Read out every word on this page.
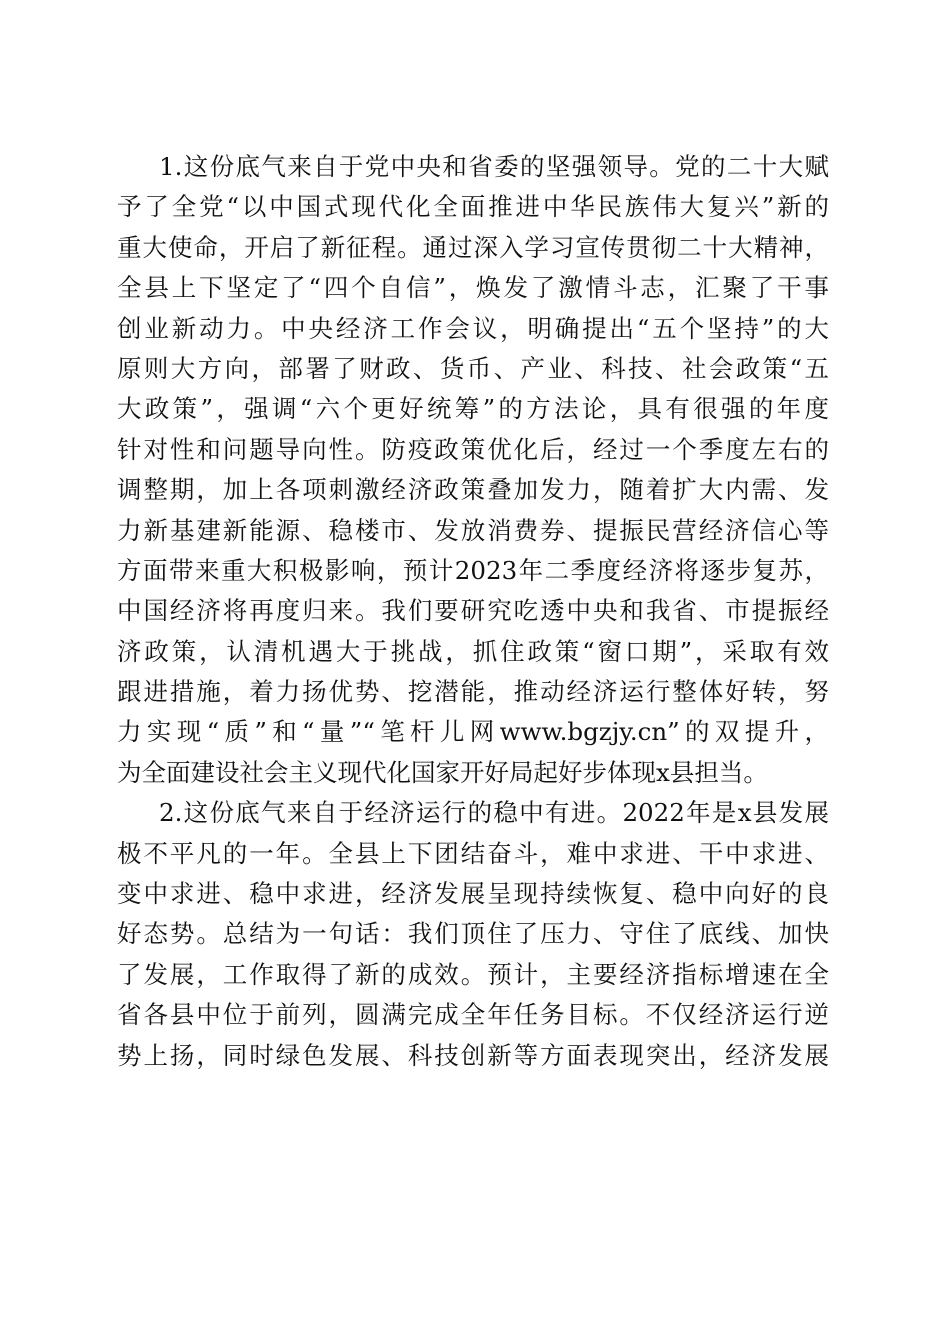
1.这份底气来自于党中央和省委的坚强领导。党的二十大赋
予了全党“以中国式现代化全面推进中华民族伟大复兴”新的
重大使命，开启了新征程。通过深入学习宣传贯彻二十大精神，
全县上下坚定了“四个自信”，焕发了激情斗志，汇聚了干事
创业新动力。中央经济工作会议，明确提出“五个坚持”的大
原则大方向，部署了财政、货币、产业、科技、社会政策“五
大政策”，强调“六个更好统筹”的方法论，具有很强的年度
针对性和问题导向性。防疫政策优化后，经过一个季度左右的
调整期，加上各项刺激经济政策叠加发力，随着扩大内需、发
力新基建新能源、稳楼市、发放消费券、提振民营经济信心等
方面带来重大积极影响，预计2023年二季度经济将逐步复苏，
中国经济将再度归来。我们要研究吃透中央和我省、市提振经
济政策，认清机遇大于挑战，抓住政策“窗口期”，采取有效
跟进措施，着力扬优势、挖潜能，推动经济运行整体好转，努
力实现“质”和“量”“笔杆儿网www.bgzjy.cn”的双提升，
为全面建设社会主义现代化国家开好局起好步体现x县担当。
2.这份底气来自于经济运行的稳中有进。2022年是x县发展
极不平凡的一年。全县上下团结奋斗，难中求进、干中求进、
变中求进、稳中求进，经济发展呈现持续恢复、稳中向好的良
好态势。总结为一句话：我们顶住了压力、守住了底线、加快
了发展，工作取得了新的成效。预计，主要经济指标增速在全
省各县中位于前列，圆满完成全年任务目标。不仅经济运行逆
势上扬，同时绿色发展、科技创新等方面表现突出，经济发展
